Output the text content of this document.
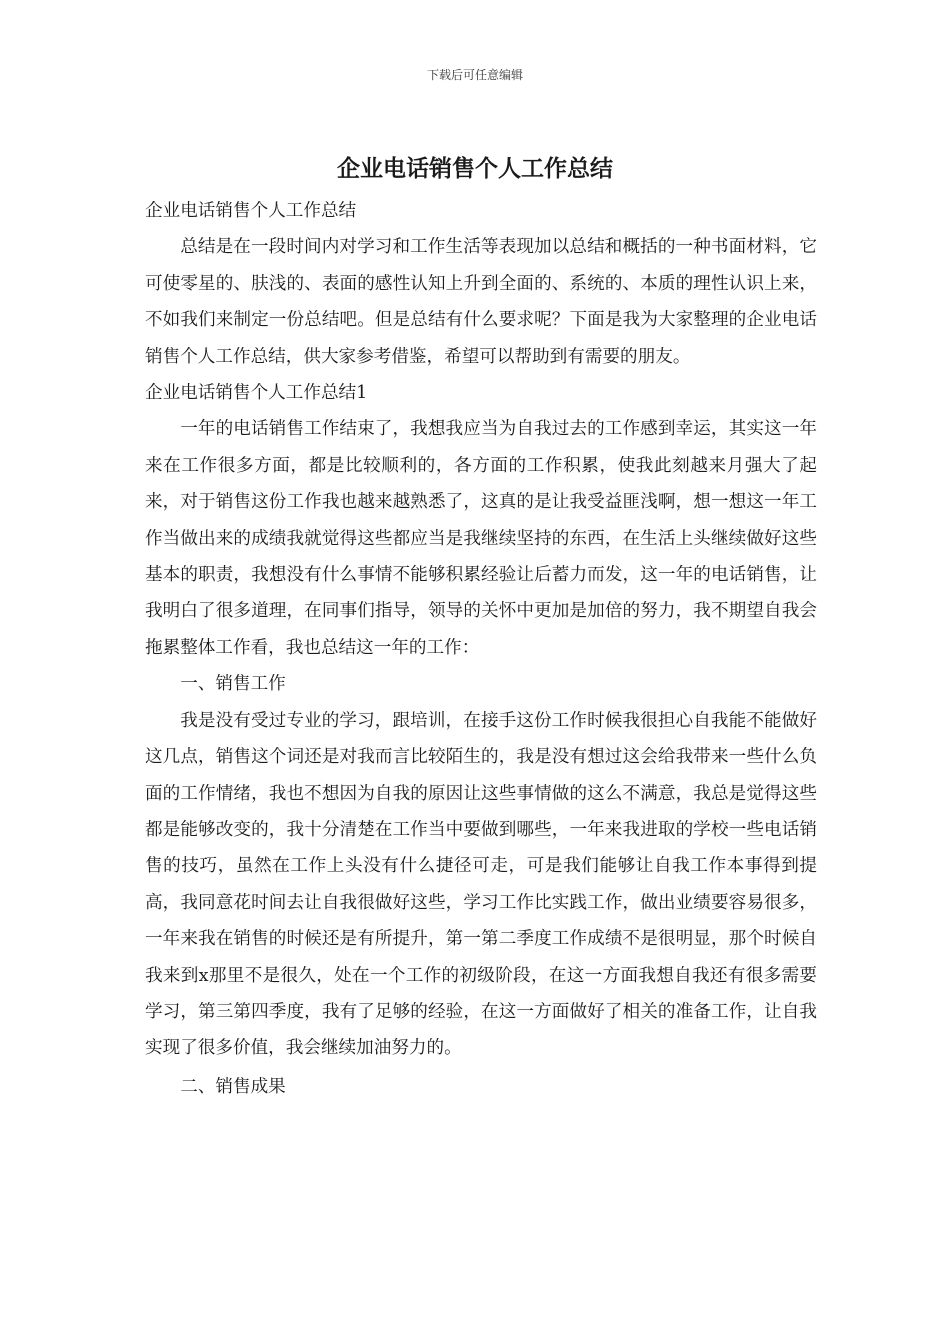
下载后可任意编辑
企业电话销售个人工作总结

企业电话销售个人工作总结

总结是在一段时间内对学习和工作生活等表现加以总结和概括的一种书面材料，它可使零星的、肤浅的、表面的感性认知上升到全面的、系统的、本质的理性认识上来，不如我们来制定一份总结吧。但是总结有什么要求呢？下面是我为大家整理的企业电话销售个人工作总结，供大家参考借鉴，希望可以帮助到有需要的朋友。

企业电话销售个人工作总结1

一年的电话销售工作结束了，我想我应当为自我过去的工作感到幸运，其实这一年来在工作很多方面，都是比较顺利的，各方面的工作积累，使我此刻越来月强大了起来，对于销售这份工作我也越来越熟悉了，这真的是让我受益匪浅啊，想一想这一年工作当做出来的成绩我就觉得这些都应当是我继续坚持的东西，在生活上头继续做好这些基本的职责，我想没有什么事情不能够积累经验让后蓄力而发，这一年的电话销售，让我明白了很多道理，在同事们指导，领导的关怀中更加是加倍的努力，我不期望自我会拖累整体工作看，我也总结这一年的工作：

一、销售工作

我是没有受过专业的学习，跟培训，在接手这份工作时候我很担心自我能不能做好这几点，销售这个词还是对我而言比较陌生的，我是没有想过这会给我带来一些什么负面的工作情绪，我也不想因为自我的原因让这些事情做的这么不满意，我总是觉得这些都是能够改变的，我十分清楚在工作当中要做到哪些，一年来我进取的学校一些电话销售的技巧，虽然在工作上头没有什么捷径可走，可是我们能够让自我工作本事得到提高，我同意花时间去让自我很做好这些，学习工作比实践工作，做出业绩要容易很多，一年来我在销售的时候还是有所提升，第一第二季度工作成绩不是很明显，那个时候自我来到x那里不是很久，处在一个工作的初级阶段，在这一方面我想自我还有很多需要学习，第三第四季度，我有了足够的经验，在这一方面做好了相关的准备工作，让自我实现了很多价值，我会继续加油努力的。

二、销售成果
